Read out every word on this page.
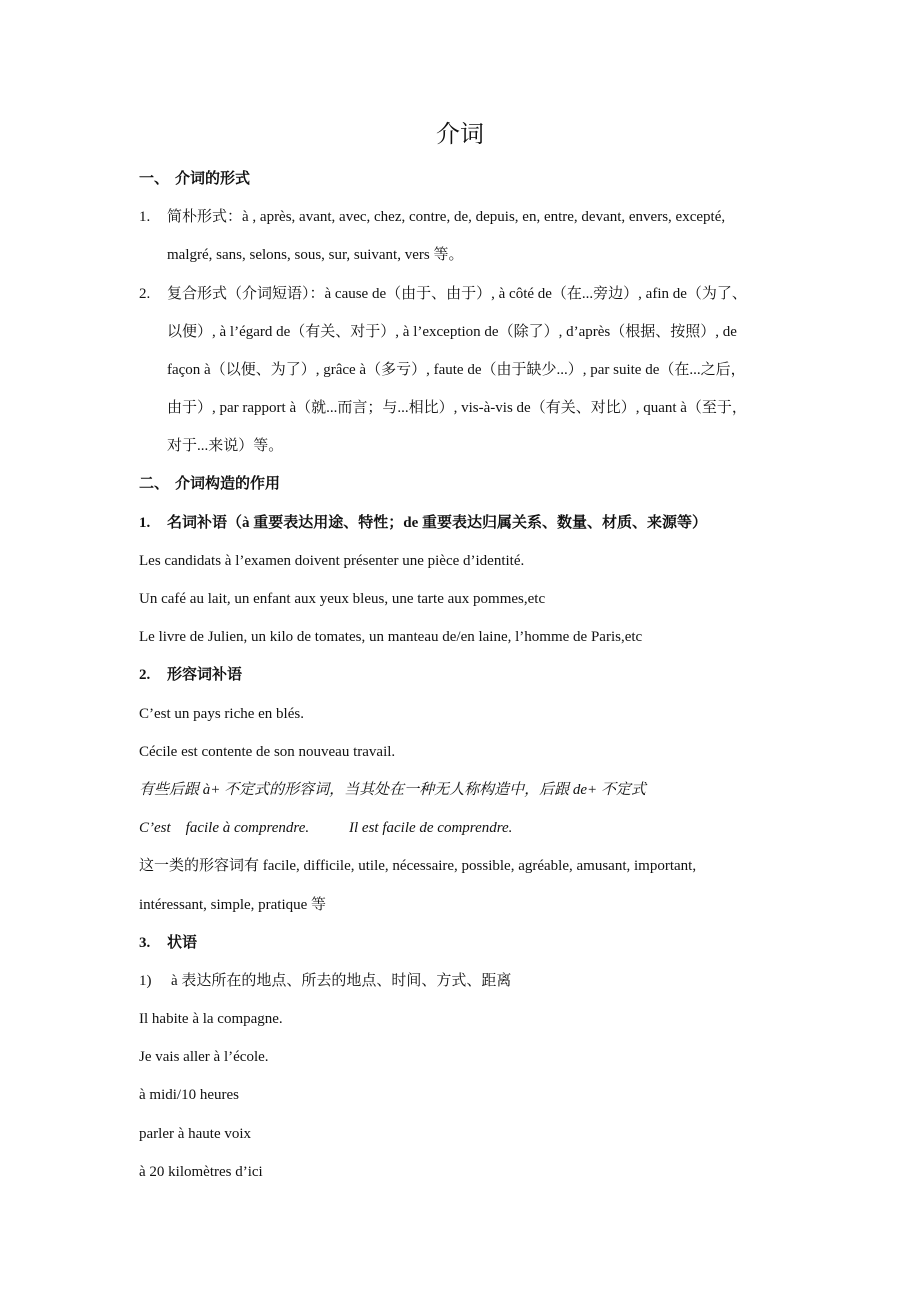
介词
一、 介词的形式
1. 简朴形式：à , après, avant, avec, chez, contre, de, depuis, en, entre, devant, envers, excepté,
malgré, sans, selons, sous, sur, suivant, vers 等。
2. 复合形式（介词短语）：à cause de（由于、由于）, à côté de（在...旁边）, afin de（为了、
以便）, à l’égard de（有关、对于）, à l’exception de（除了）, d’après（根据、按照）, de
façon à（以便、为了）, grâce à（多亏）, faute de（由于缺少...）, par suite de（在...之后，
由于）, par rapport à（就...而言；与...相比）, vis-à-vis de（有关、对比）, quant à（至于，
对于...来说）等。
二、 介词构造的作用
1. 名词补语（à 重要表达用途、特性；de 重要表达归属关系、数量、材质、来源等）
Les candidats à l’examen doivent présenter une pièce d’identité.
Un café au lait, un enfant aux yeux bleus, une tarte aux pommes,etc
Le livre de Julien, un kilo de tomates, un manteau de/en laine, l’homme de Paris,etc
2. 形容词补语
C’est un pays riche en blés.
Cécile est contente de son nouveau travail.
有些后跟 à+ 不定式的形容词，当其处在一种无人称构造中，后跟 de+ 不定式
C’est    facile à comprendre.	Il est facile de comprendre.
这一类的形容词有 facile, difficile, utile, nécessaire, possible, agréable, amusant, important,
intéressant, simple, pratique 等
3. 状语
1) à 表达所在的地点、所去的地点、时间、方式、距离
Il habite à la compagne.
Je vais aller à l’école.
à midi/10 heures
parler à haute voix
à 20 kilomètres d’ici
